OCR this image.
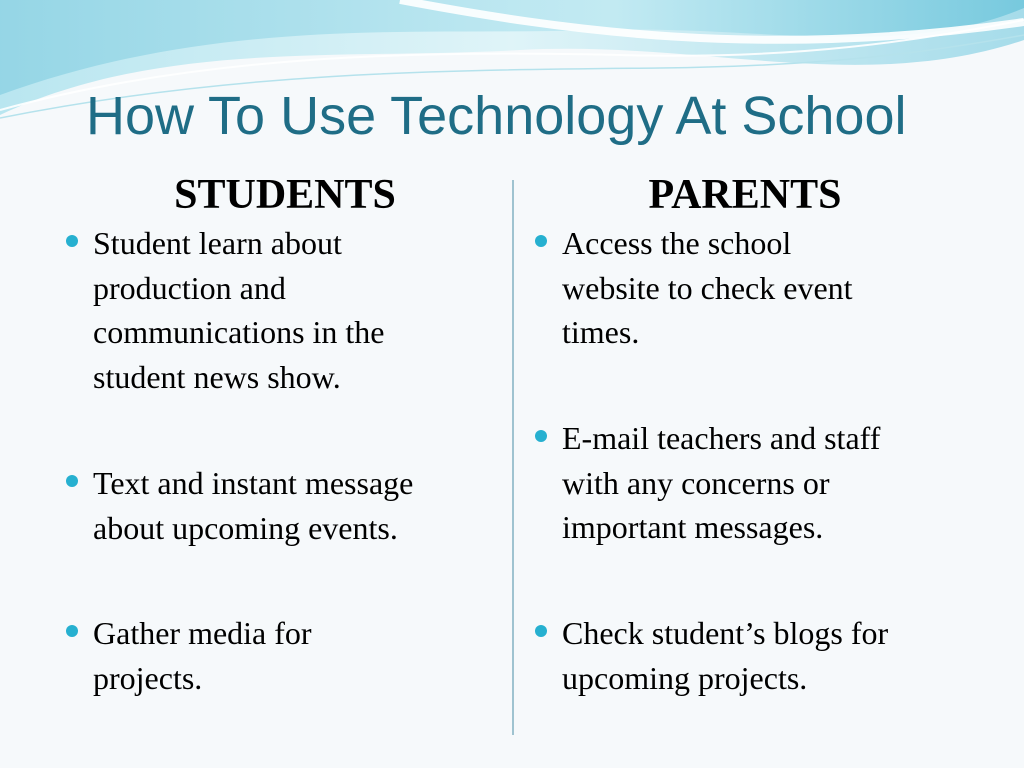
How To Use Technology At School
STUDENTS	PARENTS

Student learn about
production and
communications in the
student news show.

Text and instant message
about upcoming events.

Gather media for
projects.

Access the school
website to check event
times.

E-mail teachers and staff
with any concerns or
important messages.

Check student’s blogs for
upcoming projects.
